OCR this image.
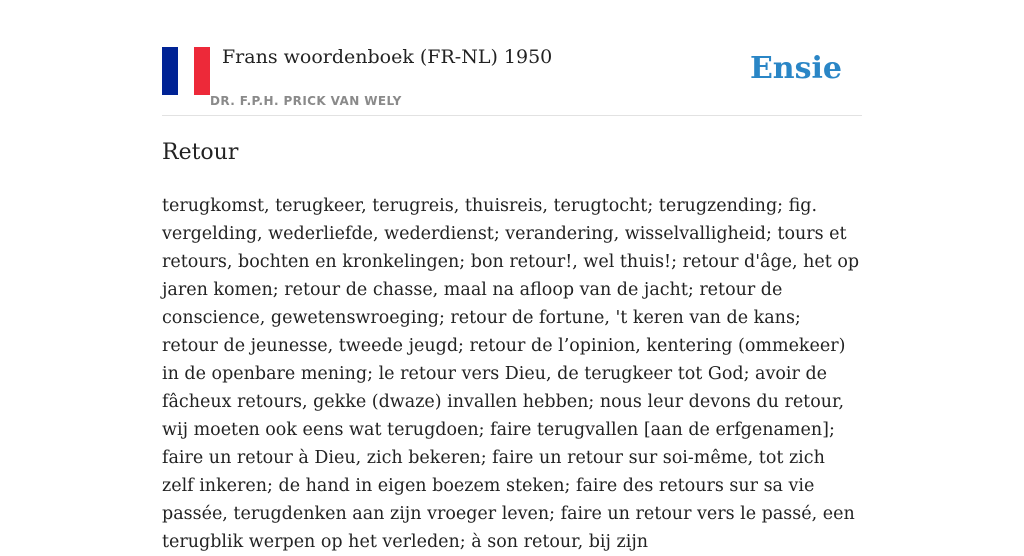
Frans woordenboek (FR-NL) 1950
DR. F.P.H. PRICK VAN WELY
Ensie
Retour

terugkomst, terugkeer, terugreis, thuisreis, terugtocht; terugzending; fig. vergelding, wederliefde, wederdienst; verandering, wisselvalligheid; tours et retours, bochten en kronkelingen; bon retour!, wel thuis!; retour d'âge, het op jaren komen; retour de chasse, maal na afloop van de jacht; retour de conscience, gewetenswroeging; retour de fortune, 't keren van de kans; retour de jeunesse, tweede jeugd; retour de l’opinion, kentering (ommekeer) in de openbare mening; le retour vers Dieu, de terugkeer tot God; avoir de fâcheux retours, gekke (dwaze) invallen hebben; nous leur devons du retour, wij moeten ook eens wat terugdoen; faire terugvallen [aan de erfgenamen]; faire un retour à Dieu, zich bekeren; faire un retour sur soi-même, tot zich zelf inkeren; de hand in eigen boezem steken; faire des retours sur sa vie passée, terugdenken aan zijn vroeger leven; faire un retour vers le passé, een terugblik werpen op het verleden; à son retour, bij zijn
